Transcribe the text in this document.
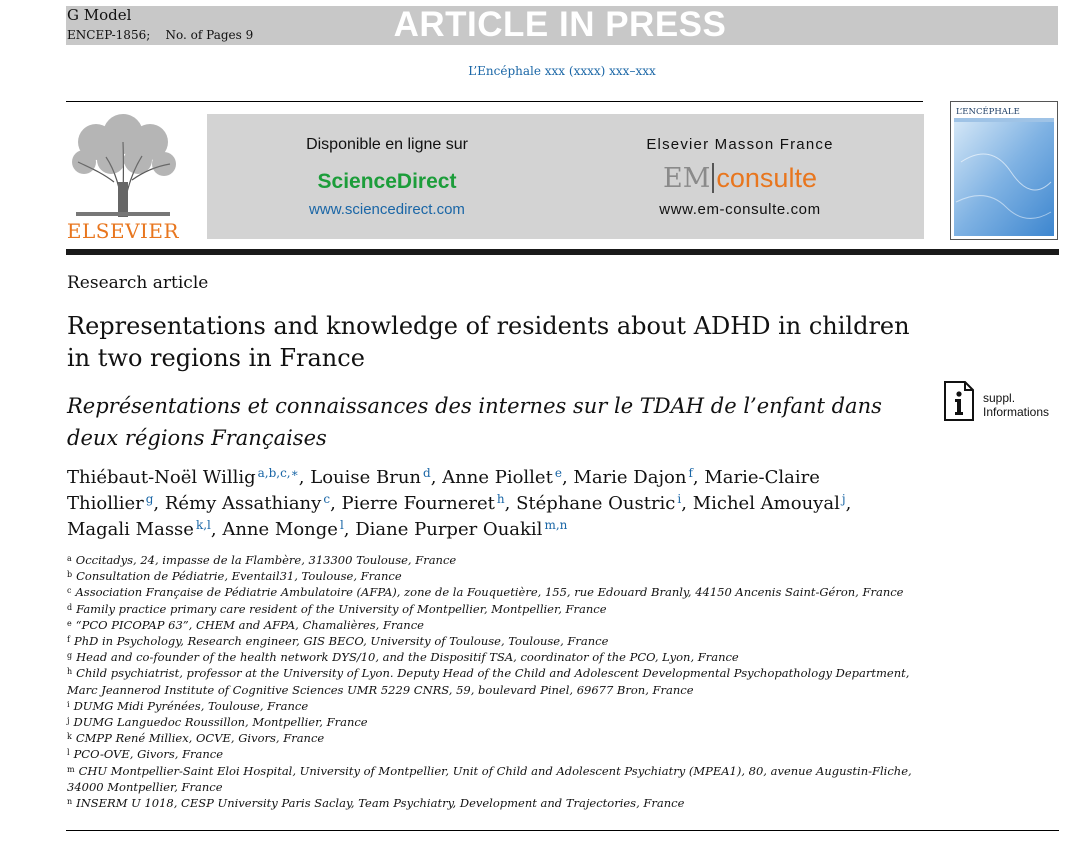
G Model
ENCEP-1856; No. of Pages 9	ARTICLE IN PRESS
L’Encéphale xxx (xxxx) xxx–xxx
ELSEVIER
Disponible en ligne sur
ScienceDirect
www.sciencedirect.com
Elsevier Masson France
EM consulte
www.em-consulte.com
L’ENCÉPHALE
Research article
Representations and knowledge of residents about ADHD in children in two regions in France
Représentations et connaissances des internes sur le TDAH de l’enfant dans deux régions Françaises
suppl.
Informations
Thiébaut-Noël Willig $^{a,b,c,∗}$, Louise Brun $^d$, Anne Piollet $^e$, Marie Dajon $^f$, Marie-Claire Thiollier $^g$, Rémy Assathiany $^c$, Pierre Fourneret $^h$, Stéphane Oustric $^i$, Michel Amouyal $^j$, Magali Masse $^{k,l}$, Anne Monge $^l$, Diane Purper Ouakil $^{m,n}$
$^a$ Occitadys, 24, impasse de la Flambère, 313300 Toulouse, France
$^b$ Consultation de Pédiatrie, Eventail31, Toulouse, France
$^c$ Association Française de Pédiatrie Ambulatoire (AFPA), zone de la Fouquetière, 155, rue Edouard Branly, 44150 Ancenis Saint-Géron, France
$^d$ Family practice primary care resident of the University of Montpellier, Montpellier, France
$^e$ “PCO PICOPAP 63”, CHEM and AFPA, Chamalières, France
$^f$ PhD in Psychology, Research engineer, GIS BECO, University of Toulouse, Toulouse, France
$^g$ Head and co-founder of the health network DYS/10, and the Dispositif TSA, coordinator of the PCO, Lyon, France
$^h$ Child psychiatrist, professor at the University of Lyon. Deputy Head of the Child and Adolescent Developmental Psychopathology Department, Marc Jeannerod Institute of Cognitive Sciences UMR 5229 CNRS, 59, boulevard Pinel, 69677 Bron, France
$^i$ DUMG Midi Pyrénées, Toulouse, France
$^j$ DUMG Languedoc Roussillon, Montpellier, France
$^k$ CMPP René Milliex, OCVE, Givors, France
$^l$ PCO-OVE, Givors, France
$^m$ CHU Montpellier-Saint Eloi Hospital, University of Montpellier, Unit of Child and Adolescent Psychiatry (MPEA1), 80, avenue Augustin-Fliche, 34000 Montpellier, France
$^n$ INSERM U 1018, CESP University Paris Saclay, Team Psychiatry, Development and Trajectories, France
